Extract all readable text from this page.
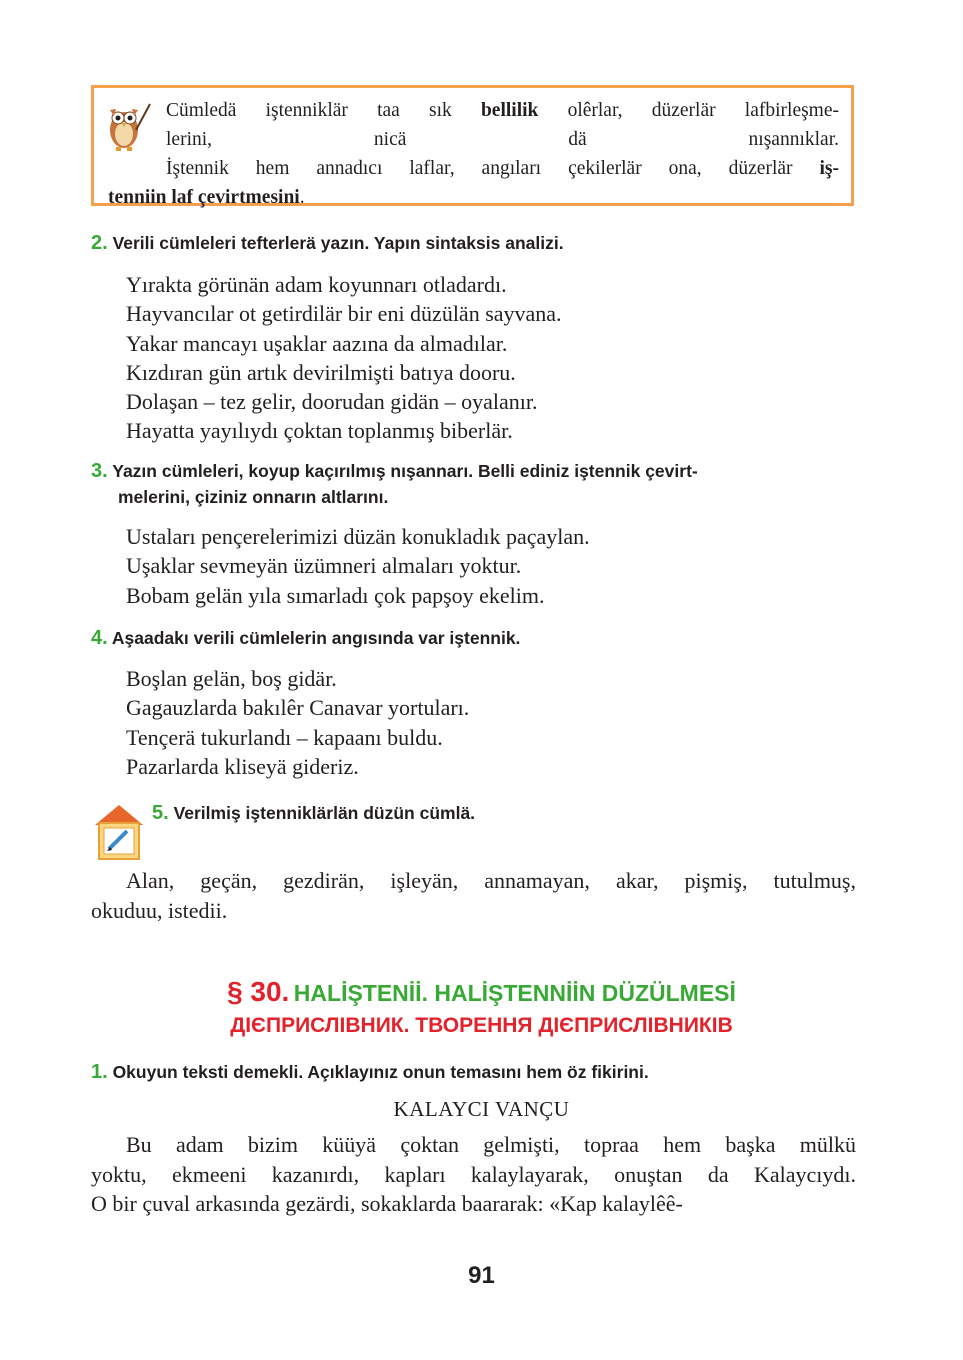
Cümledä iştenniklär taa sık bellilik olêrlar, düzerlär lafbirleşme-
lerini, nicä dä nışannıklar.
İştennik hem annadıcı laflar, angıları çekilerlär ona, düzerlär iş-
tenniin laf çevirtmesini.
2. Verili cümleleri tefterlerä yazın. Yapın sintaksis analizi.
Yırakta görünän adam koyunnarı otladardı.
Hayvancılar ot getirdilär bir eni düzülän sayvana.
Yakar mancayı uşaklar aazına da almadılar.
Kızdıran gün artık devirilmişti batıya dooru.
Dolaşan – tez gelir, doorudan gidän – oyalanır.
Hayatta yayılıydı çoktan toplanmış biberlär.
3. Yazın cümleleri, koyup kaçırılmış nışannarı. Belli ediniz iştennik çevirt-
melerini, çiziniz onnarın altlarını.
Ustaları pençerelerimizi düzän konukladık paçaylan.
Uşaklar sevmeyän üzümneri almaları yoktur.
Bobam gelän yıla sımarladı çok papşoy ekelim.
4. Aşaadakı verili cümlelerin angısında var iştennik.
Boşlan gelän, boş gidär.
Gagauzlarda bakılêr Canavar yortuları.
Tençerä tukurlandı – kapaanı buldu.
Pazarlarda kliseyä gideriz.
5. Verilmiş iştenniklärlän düzün cümlä.
Alan, geçän, gezdirän, işleyän, annamayan, akar, pişmiş, tutulmuş,
okuduu, istedii.
§ 30. HALİŞTENİİ. HALİŞTENNİİN DÜZÜLMESİ
ДІЄПРИСЛІВНИК. ТВОРЕННЯ ДІЄПРИСЛІВНИКІВ
1. Okuyun teksti demekli. Açıklayınız onun temasını hem öz fikirini.
KALAYCI VANÇU
Bu adam bizim küüyä çoktan gelmişti, topraa hem başka mülkü
yoktu, ekmeeni kazanırdı, kapları kalaylayarak, onuştan da Kalaycıydı.
O bir çuval arkasında gezärdi, sokaklarda baararak: «Kap kalaylêê-
91
